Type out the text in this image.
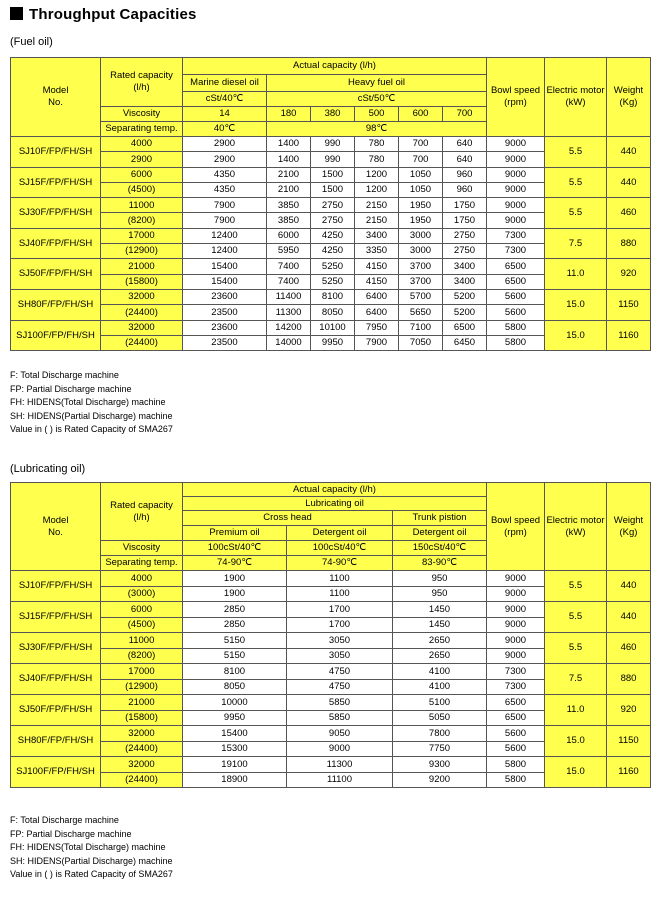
Throughput Capacities
(Fuel oil)
Model
No.	Rated capacity
(l/h)	Actual capacity (l/h)						Bowl speed
(rpm)	Electric motor
(kW)	Weight
(Kg)
		Marine diesel oil	Heavy fuel oil							
		cSt/40℃	cSt/50℃							
	Viscosity	14	180	380	500	600	700			
	Separating temp.	40℃	98℃							
SJ10F/FP/FH/SH	4000	2900	1400	990	780	700	640	9000	5.5	440
	2900	2900	1400	990	780	700	640	9000		
SJ15F/FP/FH/SH	6000	4350	2100	1500	1200	1050	960	9000	5.5	440
	(4500)	4350	2100	1500	1200	1050	960	9000		
SJ30F/FP/FH/SH	11000	7900	3850	2750	2150	1950	1750	9000	5.5	460
	(8200)	7900	3850	2750	2150	1950	1750	9000		
SJ40F/FP/FH/SH	17000	12400	6000	4250	3400	3000	2750	7300	7.5	880
	(12900)	12400	5950	4250	3350	3000	2750	7300		
SJ50F/FP/FH/SH	21000	15400	7400	5250	4150	3700	3400	6500	11.0	920
	(15800)	15400	7400	5250	4150	3700	3400	6500		
SH80F/FP/FH/SH	32000	23600	11400	8100	6400	5700	5200	5600	15.0	1150
	(24400)	23500	11300	8050	6400	5650	5200	5600		
SJ100F/FP/FH/SH	32000	23600	14200	10100	7950	7100	6500	5800	15.0	1160
	(24400)	23500	14000	9950	7900	7050	6450	5800		
F: Total Discharge machine
FP: Partial Discharge machine
FH: HIDENS(Total Discharge) machine
SH: HIDENS(Partial Discharge) machine
Value in ( ) is Rated Capacity of SMA267
(Lubricating oil)
Model
No.	Rated capacity
(l/h)	Actual capacity (l/h)			Bowl speed
(rpm)	Electric motor
(kW)	Weight
(Kg)
		Lubricating oil					
		Cross head		Trunk pistion			
		Premium oil	Detergent oil	Detergent oil			
	Viscosity	100cSt/40℃	100cSt/40℃	150cSt/40℃			
	Separating temp.	74-90℃	74-90℃	83-90℃			
SJ10F/FP/FH/SH	4000	1900	1100	950	9000	5.5	440
	(3000)	1900	1100	950	9000		
SJ15F/FP/FH/SH	6000	2850	1700	1450	9000	5.5	440
	(4500)	2850	1700	1450	9000		
SJ30F/FP/FH/SH	11000	5150	3050	2650	9000	5.5	460
	(8200)	5150	3050	2650	9000		
SJ40F/FP/FH/SH	17000	8100	4750	4100	7300	7.5	880
	(12900)	8050	4750	4100	7300		
SJ50F/FP/FH/SH	21000	10000	5850	5100	6500	11.0	920
	(15800)	9950	5850	5050	6500		
SH80F/FP/FH/SH	32000	15400	9050	7800	5600	15.0	1150
	(24400)	15300	9000	7750	5600		
SJ100F/FP/FH/SH	32000	19100	11300	9300	5800	15.0	1160
	(24400)	18900	11100	9200	5800		
F: Total Discharge machine
FP: Partial Discharge machine
FH: HIDENS(Total Discharge) machine
SH: HIDENS(Partial Discharge) machine
Value in ( ) is Rated Capacity of SMA267
